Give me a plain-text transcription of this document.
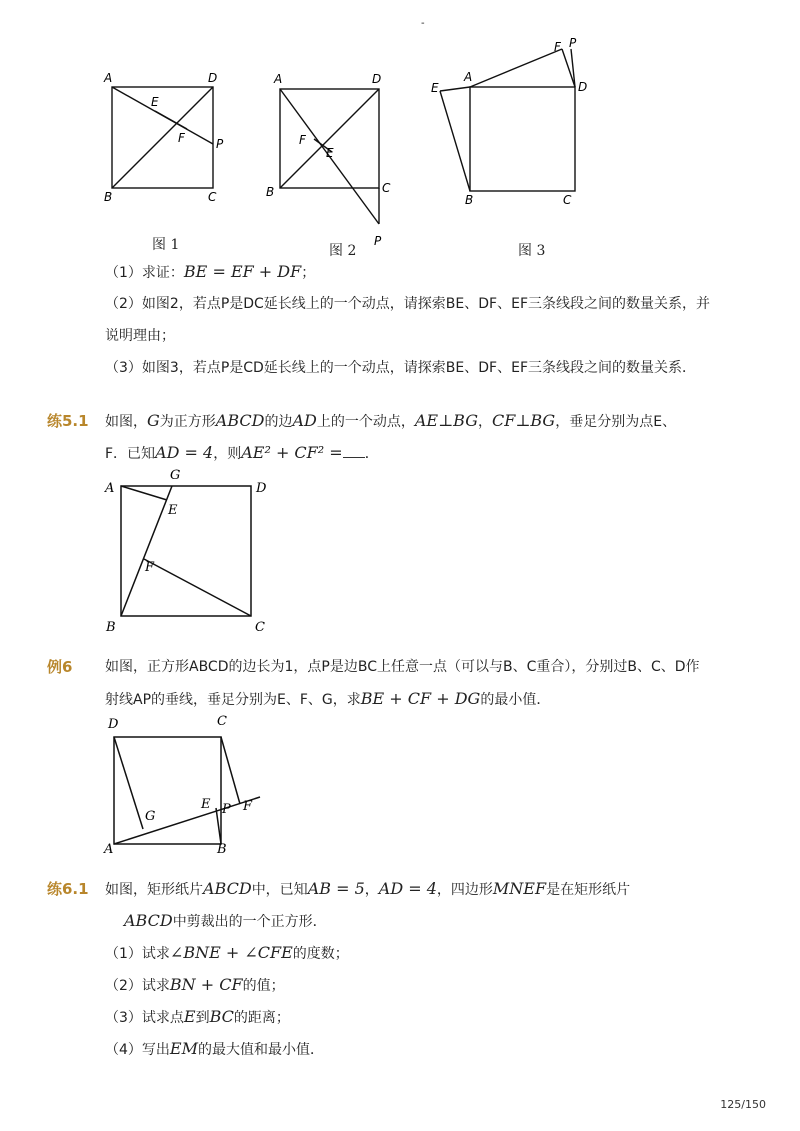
-
A	D
E
F	P
B	C
图 1
A	D
F
E
B	C
P
图 2
F P
A
D
E
B	C
图 3
（1）求证：BE = EF + DF；
（2）如图2，若点P是DC延长线上的一个动点，请探索BE、DF、EF三条线段之间的数量关系，并
说明理由；
（3）如图3，若点P是CD延长线上的一个动点，请探索BE、DF、EF三条线段之间的数量关系．
练5.1 如图，G为正方形ABCD的边AD上的一个动点，AE⊥BG，CF⊥BG，垂足分别为点E、
F．已知AD = 4，则AE² + CF² = ．
A
G
D
E
F
B	C
例6 如图，正方形ABCD的边长为1，点P是边BC上任意一点（可以与B、C重合），分别过B、C、D作
射线AP的垂线，垂足分别为E、F、G，求BE + CF + DG的最小值．
D	C
G
E P F
A	B
练6.1 如图，矩形纸片ABCD中，已知AB = 5，AD = 4，四边形MNEF是在矩形纸片
ABCD中剪裁出的一个正方形．
（1）试求∠BNE + ∠CFE的度数；
（2）试求BN + CF的值；
（3）试求点E到BC的距离；
（4）写出EM的最大值和最小值．
125/150
